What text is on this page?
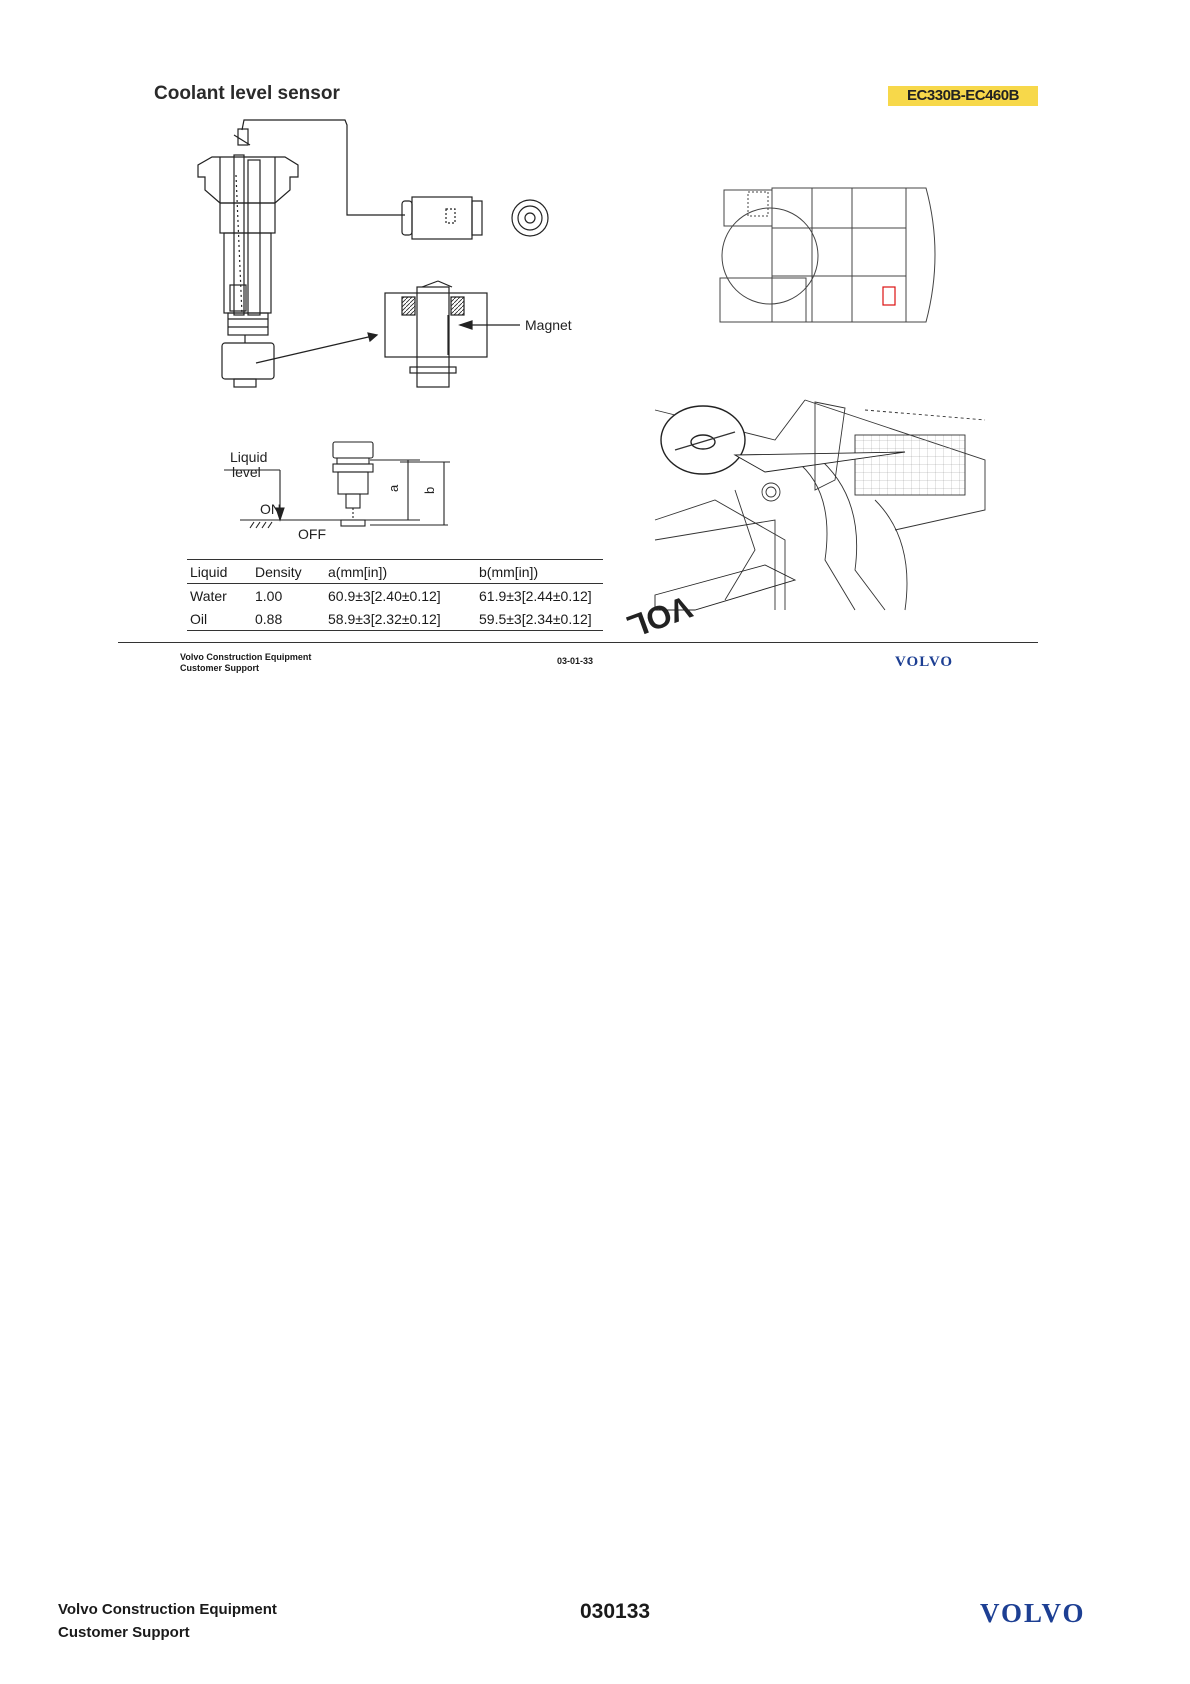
Coolant level sensor	EC330B-EC460B
Magnet
Liquid
level
ON
OFF
a b
Liquid	Density	a(mm[in])	b(mm[in])
Water	1.00	60.9±3[2.40±0.12]	61.9±3[2.44±0.12]
Oil	0.88	58.9±3[2.32±0.12]	59.5±3[2.34±0.12] VOL
Volvo Construction Equipment
Customer Support
03-01-33	VOLVO
Volvo Construction Equipment
Customer Support
030133	VOLVO
